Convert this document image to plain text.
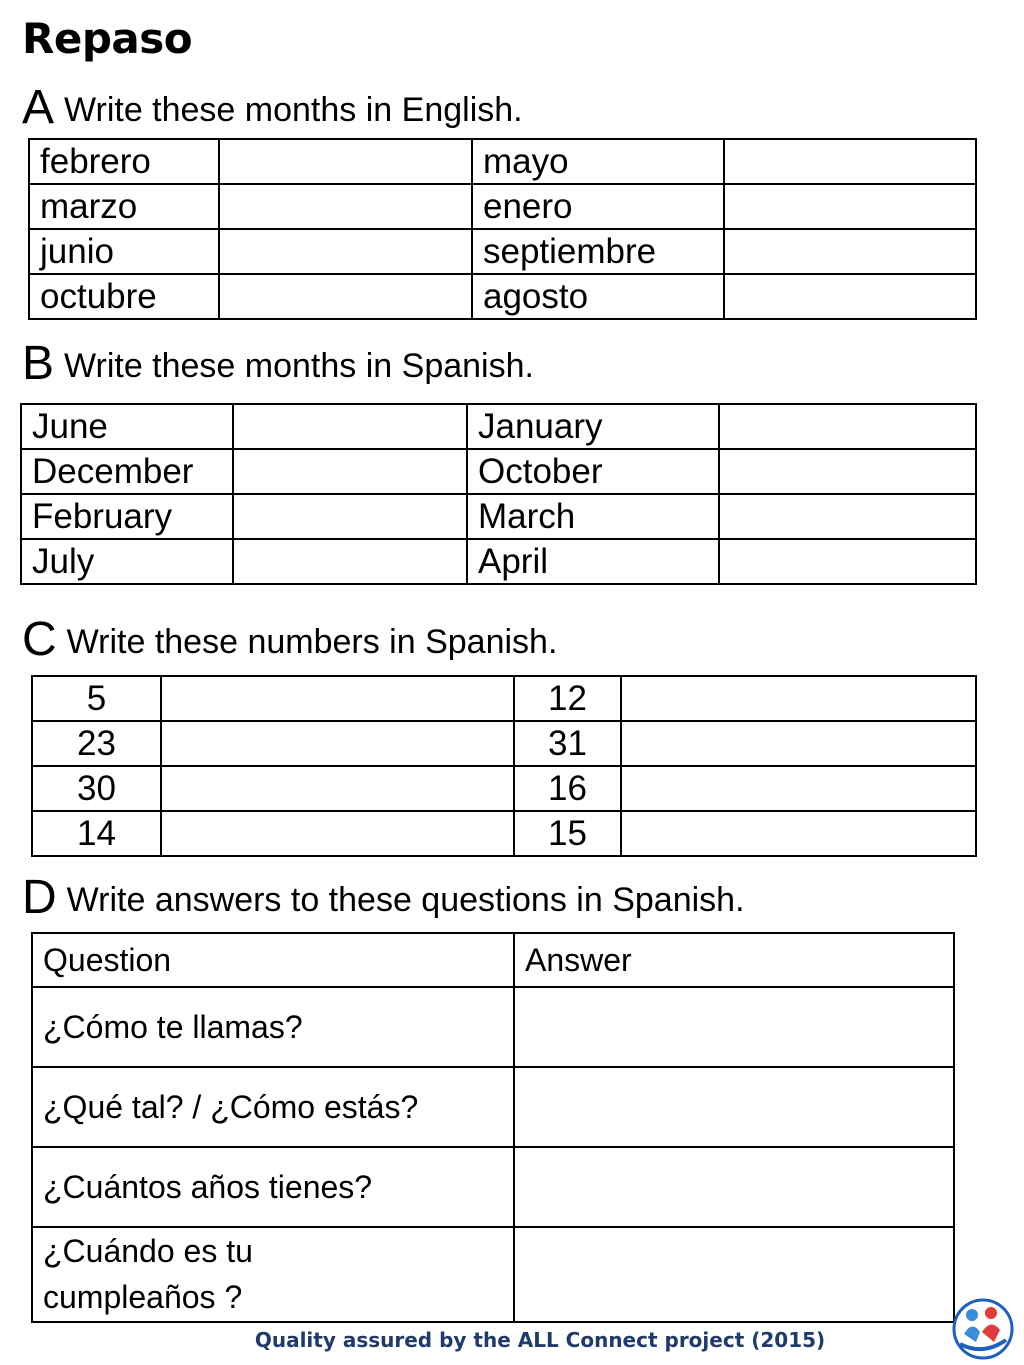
Repaso
A Write these months in English.
febrero		mayo	
marzo		enero	
junio		septiembre	
octubre		agosto	
B Write these months in Spanish.
June		January	
December		October	
February		March	
July		April	
C Write these numbers in Spanish.
5		12	
23		31	
30		16	
14		15	
D Write answers to these questions in Spanish.
Question	Answer
¿Cómo te llamas?	
¿Qué tal? / ¿Cómo estás?	
¿Cuántos años tienes?	

¿Cuándo es tu cumpleaños ?	

Quality assured by the ALL Connect project (2015)
